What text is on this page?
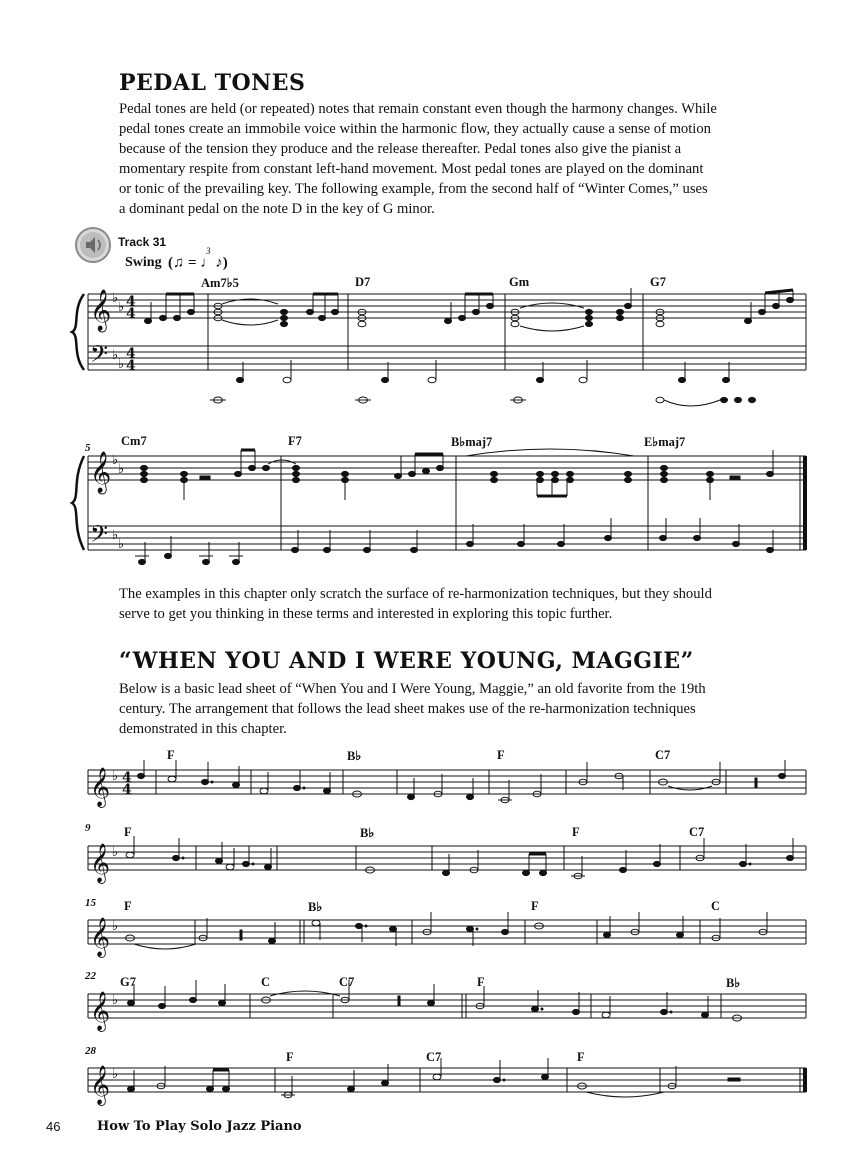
PEDAL TONES
Pedal tones are held (or repeated) notes that remain constant even though the harmony changes. While
pedal tones create an immobile voice within the harmonic flow, they actually cause a sense of motion
because of the tension they produce and the release thereafter. Pedal tones also give the pianist a
momentary respite from constant left-hand movement. Most pedal tones are played on the dominant
or tonic of the prevailing key. The following example, from the second half of “Winter Comes,” uses
a dominant pedal on the note D in the key of G minor.
Track 31
Swing (♫ = ♩♪)
3
Am7♭5	D7	Gm	G7
5 Cm7	F7	B♭maj7	E♭maj7
𝄞
𝄢
𝄞
𝄢
♭
♭
♭
♭
♭
♭
♭
♭
4
4
4
4
The examples in this chapter only scratch the surface of re-harmonization techniques, but they should
serve to get you thinking in these terms and interested in exploring this topic further.
“WHEN YOU AND I WERE YOUNG, MAGGIE”
Below is a basic lead sheet of “When You and I Were Young, Maggie,” an old favorite from the 19th
century. The arrangement that follows the lead sheet makes use of the re-harmonization techniques
demonstrated in this chapter.
F	B♭	F	C7
9	F	B♭	F	C7
15 F	B♭	F	C
22 G7	C	C7	F	B♭
28	F	C7	F
𝄞
𝄞
𝄞
𝄞
𝄞
♭
♭
♭
♭
♭
4
4
46	How To Play Solo Jazz Piano
